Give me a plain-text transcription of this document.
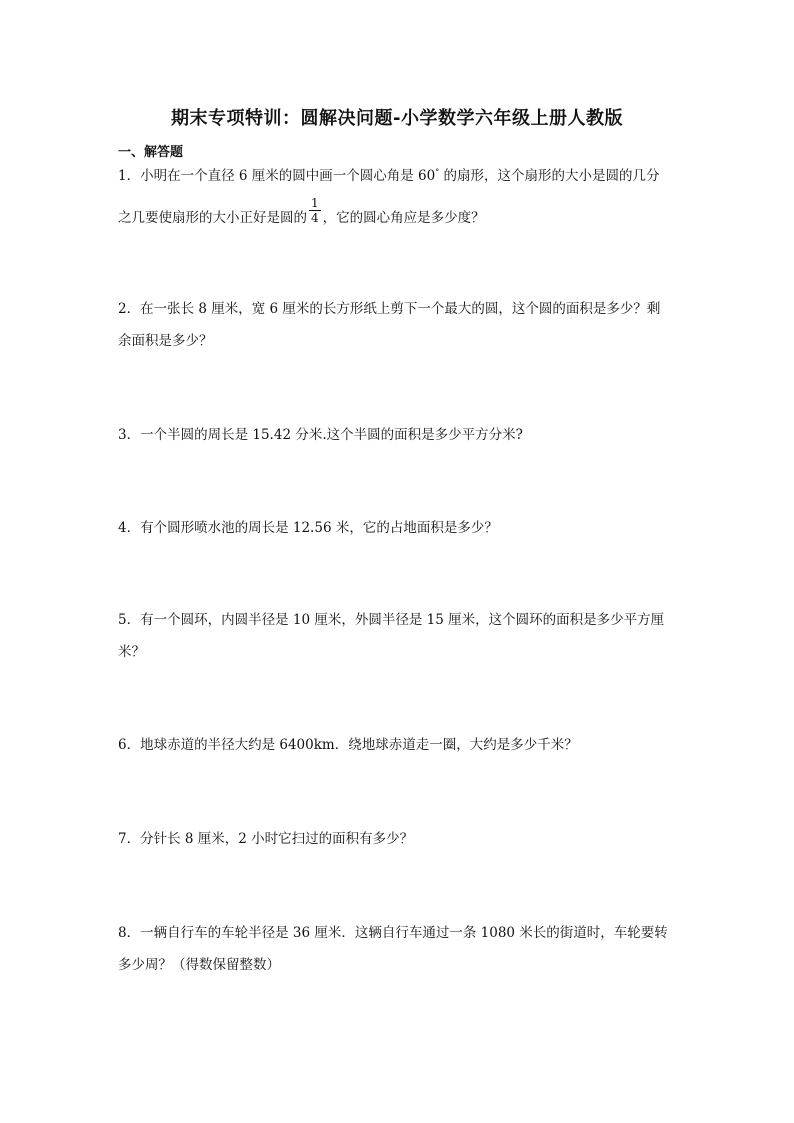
期末专项特训：圆解决问题-小学数学六年级上册人教版
一、解答题
1．小明在一个直径 6 厘米的圆中画一个圆心角是 60° 的扇形，这个扇形的大小是圆的几分
之几要使扇形的大小正好是圆的 $\frac{1}{4}$ ，它的圆心角应是多少度？
2．在一张长 8 厘米，宽 6 厘米的长方形纸上剪下一个最大的圆，这个圆的面积是多少？剩
余面积是多少？
3．一个半圆的周长是 15.42 分米.这个半圆的面积是多少平方分米?
4．有个圆形喷水池的周长是 12.56 米，它的占地面积是多少？
5．有一个圆环，内圆半径是 10 厘米，外圆半径是 15 厘米，这个圆环的面积是多少平方厘
米？
6．地球赤道的半径大约是 6400km．绕地球赤道走一圈，大约是多少千米？
7．分针长 8 厘米，2 小时它扫过的面积有多少？
8．一辆自行车的车轮半径是 36 厘米．这辆自行车通过一条 1080 米长的街道时，车轮要转
多少周？（得数保留整数）
